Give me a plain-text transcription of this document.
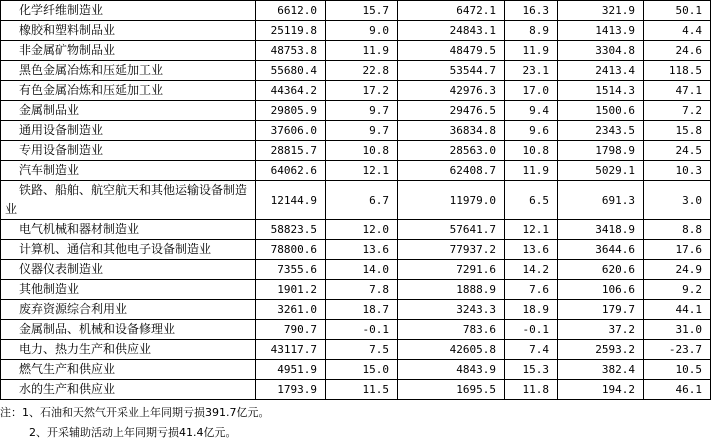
化学纤维制造业	6612.0	15.7	6472.1	16.3	321.9	50.1
橡胶和塑料制品业	25119.8	9.0	24843.1	8.9	1413.9	4.4
非金属矿物制品业	48753.8	11.9	48479.5	11.9	3304.8	24.6
黑色金属冶炼和压延加工业	55680.4	22.8	53544.7	23.1	2413.4	118.5
有色金属冶炼和压延加工业	44364.2	17.2	42976.3	17.0	1514.3	47.1
金属制品业	29805.9	9.7	29476.5	9.4	1500.6	7.2
通用设备制造业	37606.0	9.7	36834.8	9.6	2343.5	15.8
专用设备制造业	28815.7	10.8	28563.0	10.8	1798.9	24.5
汽车制造业	64062.6	12.1	62408.7	11.9	5029.1	10.3
铁路、船舶、航空航天和其他运输设备制造业	12144.9	6.7	11979.0	6.5	691.3	3.0
电气机械和器材制造业	58823.5	12.0	57641.7	12.1	3418.9	8.8
计算机、通信和其他电子设备制造业	78800.6	13.6	77937.2	13.6	3644.6	17.6
仪器仪表制造业	7355.6	14.0	7291.6	14.2	620.6	24.9
其他制造业	1901.2	7.8	1888.9	7.6	106.6	9.2
废弃资源综合利用业	3261.0	18.7	3243.3	18.9	179.7	44.1
金属制品、机械和设备修理业	790.7	-0.1	783.6	-0.1	37.2	31.0
电力、热力生产和供应业	43117.7	7.5	42605.8	7.4	2593.2	-23.7
燃气生产和供应业	4951.9	15.0	4843.9	15.3	382.4	10.5
水的生产和供应业	1793.9	11.5	1695.5	11.8	194.2	46.1
注：1、石油和天然气开采业上年同期亏损391.7亿元。
2、开采辅助活动上年同期亏损41.4亿元。
